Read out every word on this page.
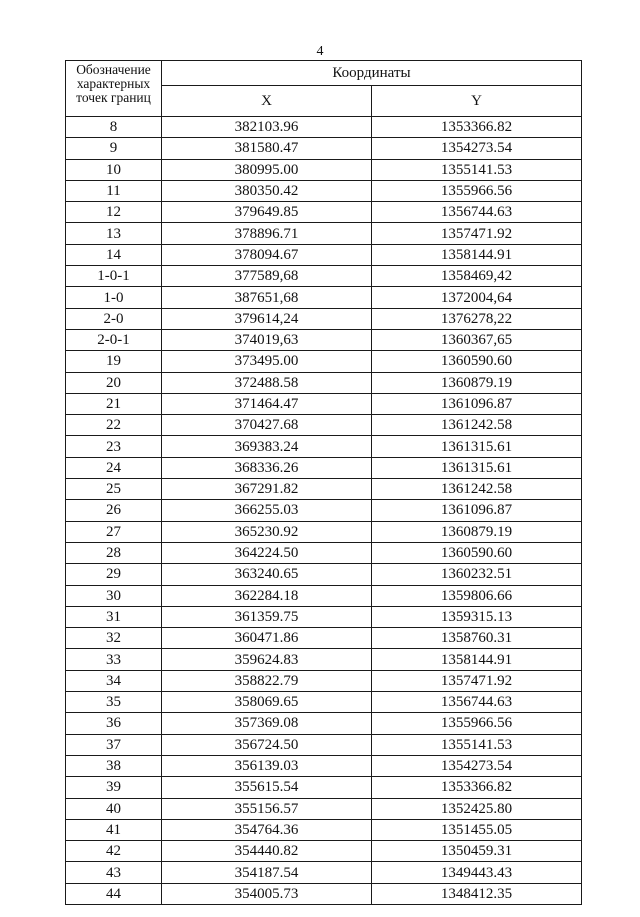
4
Обозначение характерных точек границ	Координаты	
	X	Y
8	382103.96	1353366.82
9	381580.47	1354273.54
10	380995.00	1355141.53
11	380350.42	1355966.56
12	379649.85	1356744.63
13	378896.71	1357471.92
14	378094.67	1358144.91
1-0-1	377589,68	1358469,42
1-0	387651,68	1372004,64
2-0	379614,24	1376278,22
2-0-1	374019,63	1360367,65
19	373495.00	1360590.60
20	372488.58	1360879.19
21	371464.47	1361096.87
22	370427.68	1361242.58
23	369383.24	1361315.61
24	368336.26	1361315.61
25	367291.82	1361242.58
26	366255.03	1361096.87
27	365230.92	1360879.19
28	364224.50	1360590.60
29	363240.65	1360232.51
30	362284.18	1359806.66
31	361359.75	1359315.13
32	360471.86	1358760.31
33	359624.83	1358144.91
34	358822.79	1357471.92
35	358069.65	1356744.63
36	357369.08	1355966.56
37	356724.50	1355141.53
38	356139.03	1354273.54
39	355615.54	1353366.82
40	355156.57	1352425.80
41	354764.36	1351455.05
42	354440.82	1350459.31
43	354187.54	1349443.43
44	354005.73	1348412.35
